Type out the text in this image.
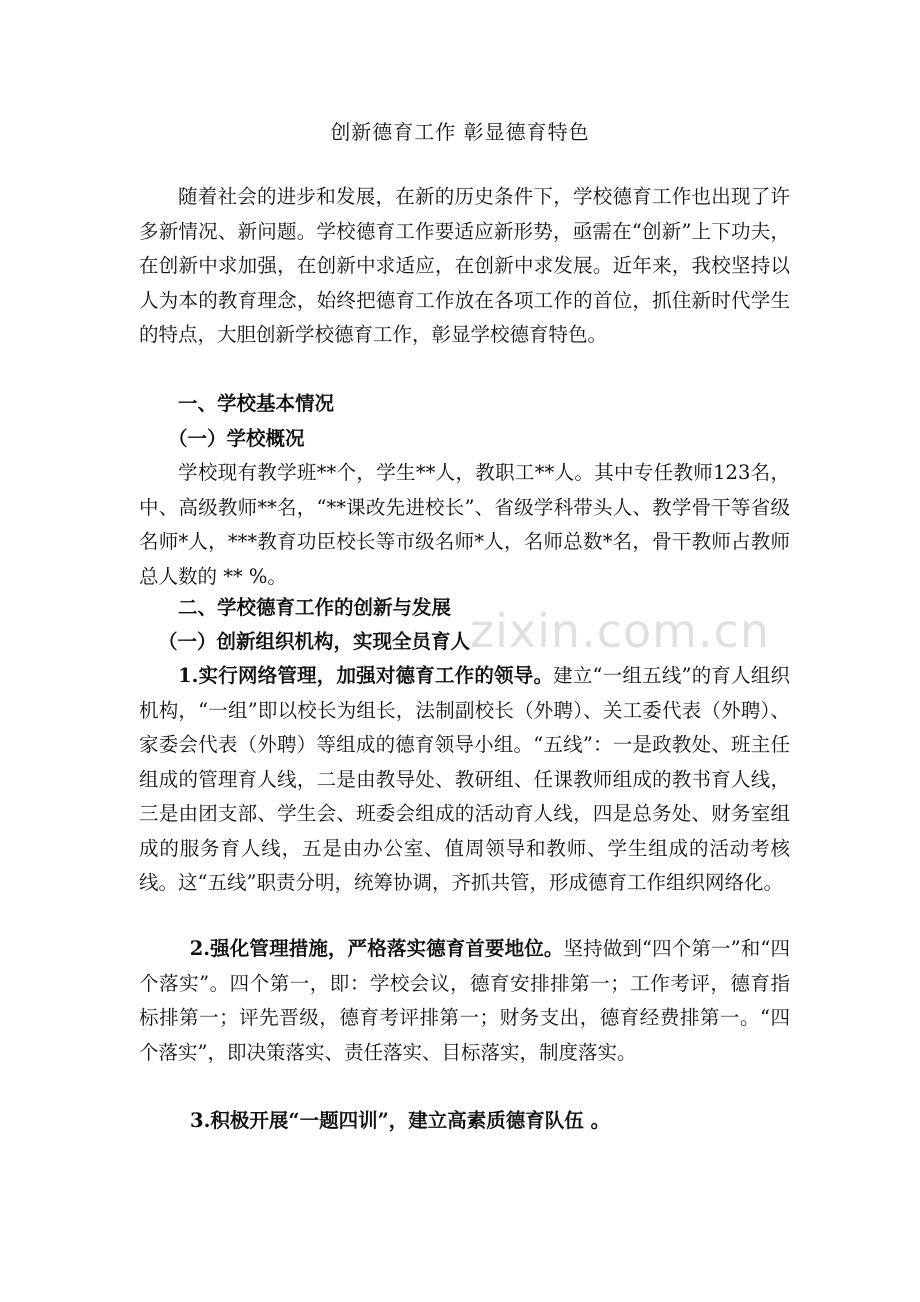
创新德育工作 彰显德育特色

随着社会的进步和发展，在新的历史条件下，学校德育工作也出现了许多新情况、新问题。学校德育工作要适应新形势，亟需在“创新”上下功夫，在创新中求加强，在创新中求适应，在创新中求发展。近年来，我校坚持以人为本的教育理念，始终把德育工作放在各项工作的首位，抓住新时代学生的特点，大胆创新学校德育工作，彰显学校德育特色。

一、学校基本情况

（一）学校概况

学校现有教学班**个，学生**人，教职工**人。其中专任教师123名，中、高级教师**名，“**课改先进校长”、省级学科带头人、教学骨干等省级名师*人，***教育功臣校长等市级名师*人，名师总数*名，骨干教师占教师总人数的 ** %。

二、学校德育工作的创新与发展

（一）创新组织机构，实现全员育人

1.实行网络管理，加强对德育工作的领导。建立“一组五线”的育人组织机构，“一组”即以校长为组长，法制副校长（外聘）、关工委代表（外聘）、家委会代表（外聘）等组成的德育领导小组。“五线”：一是政教处、班主任组成的管理育人线，二是由教导处、教研组、任课教师组成的教书育人线，三是由团支部、学生会、班委会组成的活动育人线，四是总务处、财务室组成的服务育人线，五是由办公室、值周领导和教师、学生组成的活动考核线。这“五线”职责分明，统筹协调，齐抓共管，形成德育工作组织网络化。

2.强化管理措施，严格落实德育首要地位。坚持做到“四个第一”和“四个落实”。四个第一，即：学校会议，德育安排排第一；工作考评，德育指标排第一；评先晋级，德育考评排第一；财务支出，德育经费排第一。“四个落实”，即决策落实、责任落实、目标落实，制度落实。

3.积极开展“一题四训”，建立高素质德育队伍 。

zixin.com.cn
